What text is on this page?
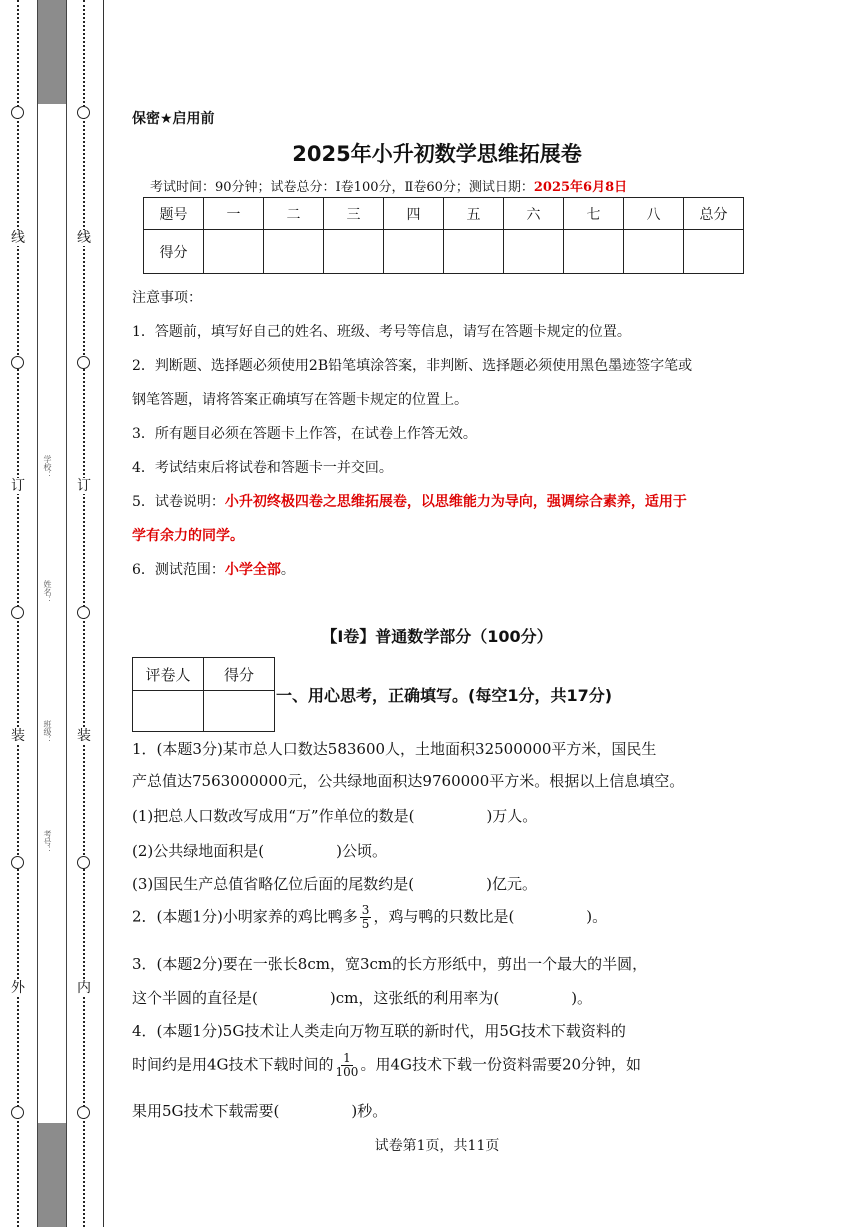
线
订
装
外
线
订
装
内
学校：
姓名：
班级：
考号：
保密★启用前
2025年小升初数学思维拓展卷
考试时间：90分钟；试卷总分：Ⅰ卷100分，Ⅱ卷60分；测试日期：2025年6月8日
题号	一	二	三	四	五	六	七	八	总分
得分									

注意事项：

1．答题前，填写好自己的姓名、班级、考号等信息，请写在答题卡规定的位置。

2．判断题、选择题必须使用2B铅笔填涂答案，非判断、选择题必须使用黑色墨迹签字笔或

钢笔答题，请将答案正确填写在答题卡规定的位置上。

3．所有题目必须在答题卡上作答，在试卷上作答无效。

4．考试结束后将试卷和答题卡一并交回。

5．试卷说明：小升初终极四卷之思维拓展卷，以思维能力为导向，强调综合素养，适用于

学有余力的同学。

6．测试范围：小学全部。

【Ⅰ卷】普通数学部分（100分）
评卷人	得分

一、用心思考，正确填写。(每空1分，共17分)
1．(本题3分)某市总人口数达583600人，土地面积32500000平方米，国民生
产总值达7563000000元，公共绿地面积达9760000平方米。根据以上信息填空。
(1)把总人口数改写成用“万”作单位的数是(	)万人。
(2)公共绿地面积是(	)公顷。
(3)国民生产总值省略亿位后面的尾数约是(	)亿元。
2．(本题1分)小明家养的鸡比鸭多 $\frac{3}{5}$ ，鸡与鸭的只数比是(	)。
3．(本题2分)要在一张长8cm，宽3cm的长方形纸中，剪出一个最大的半圆，
这个半圆的直径是(	)cm，这张纸的利用率为(	)。
4．(本题1分)5G技术让人类走向万物互联的新时代，用5G技术下载资料的
时间约是用4G技术下载时间的 $\frac{1}{100}$ 。用4G技术下载一份资料需要20分钟，如
果用5G技术下载需要(	)秒。
试卷第1页，共11页
